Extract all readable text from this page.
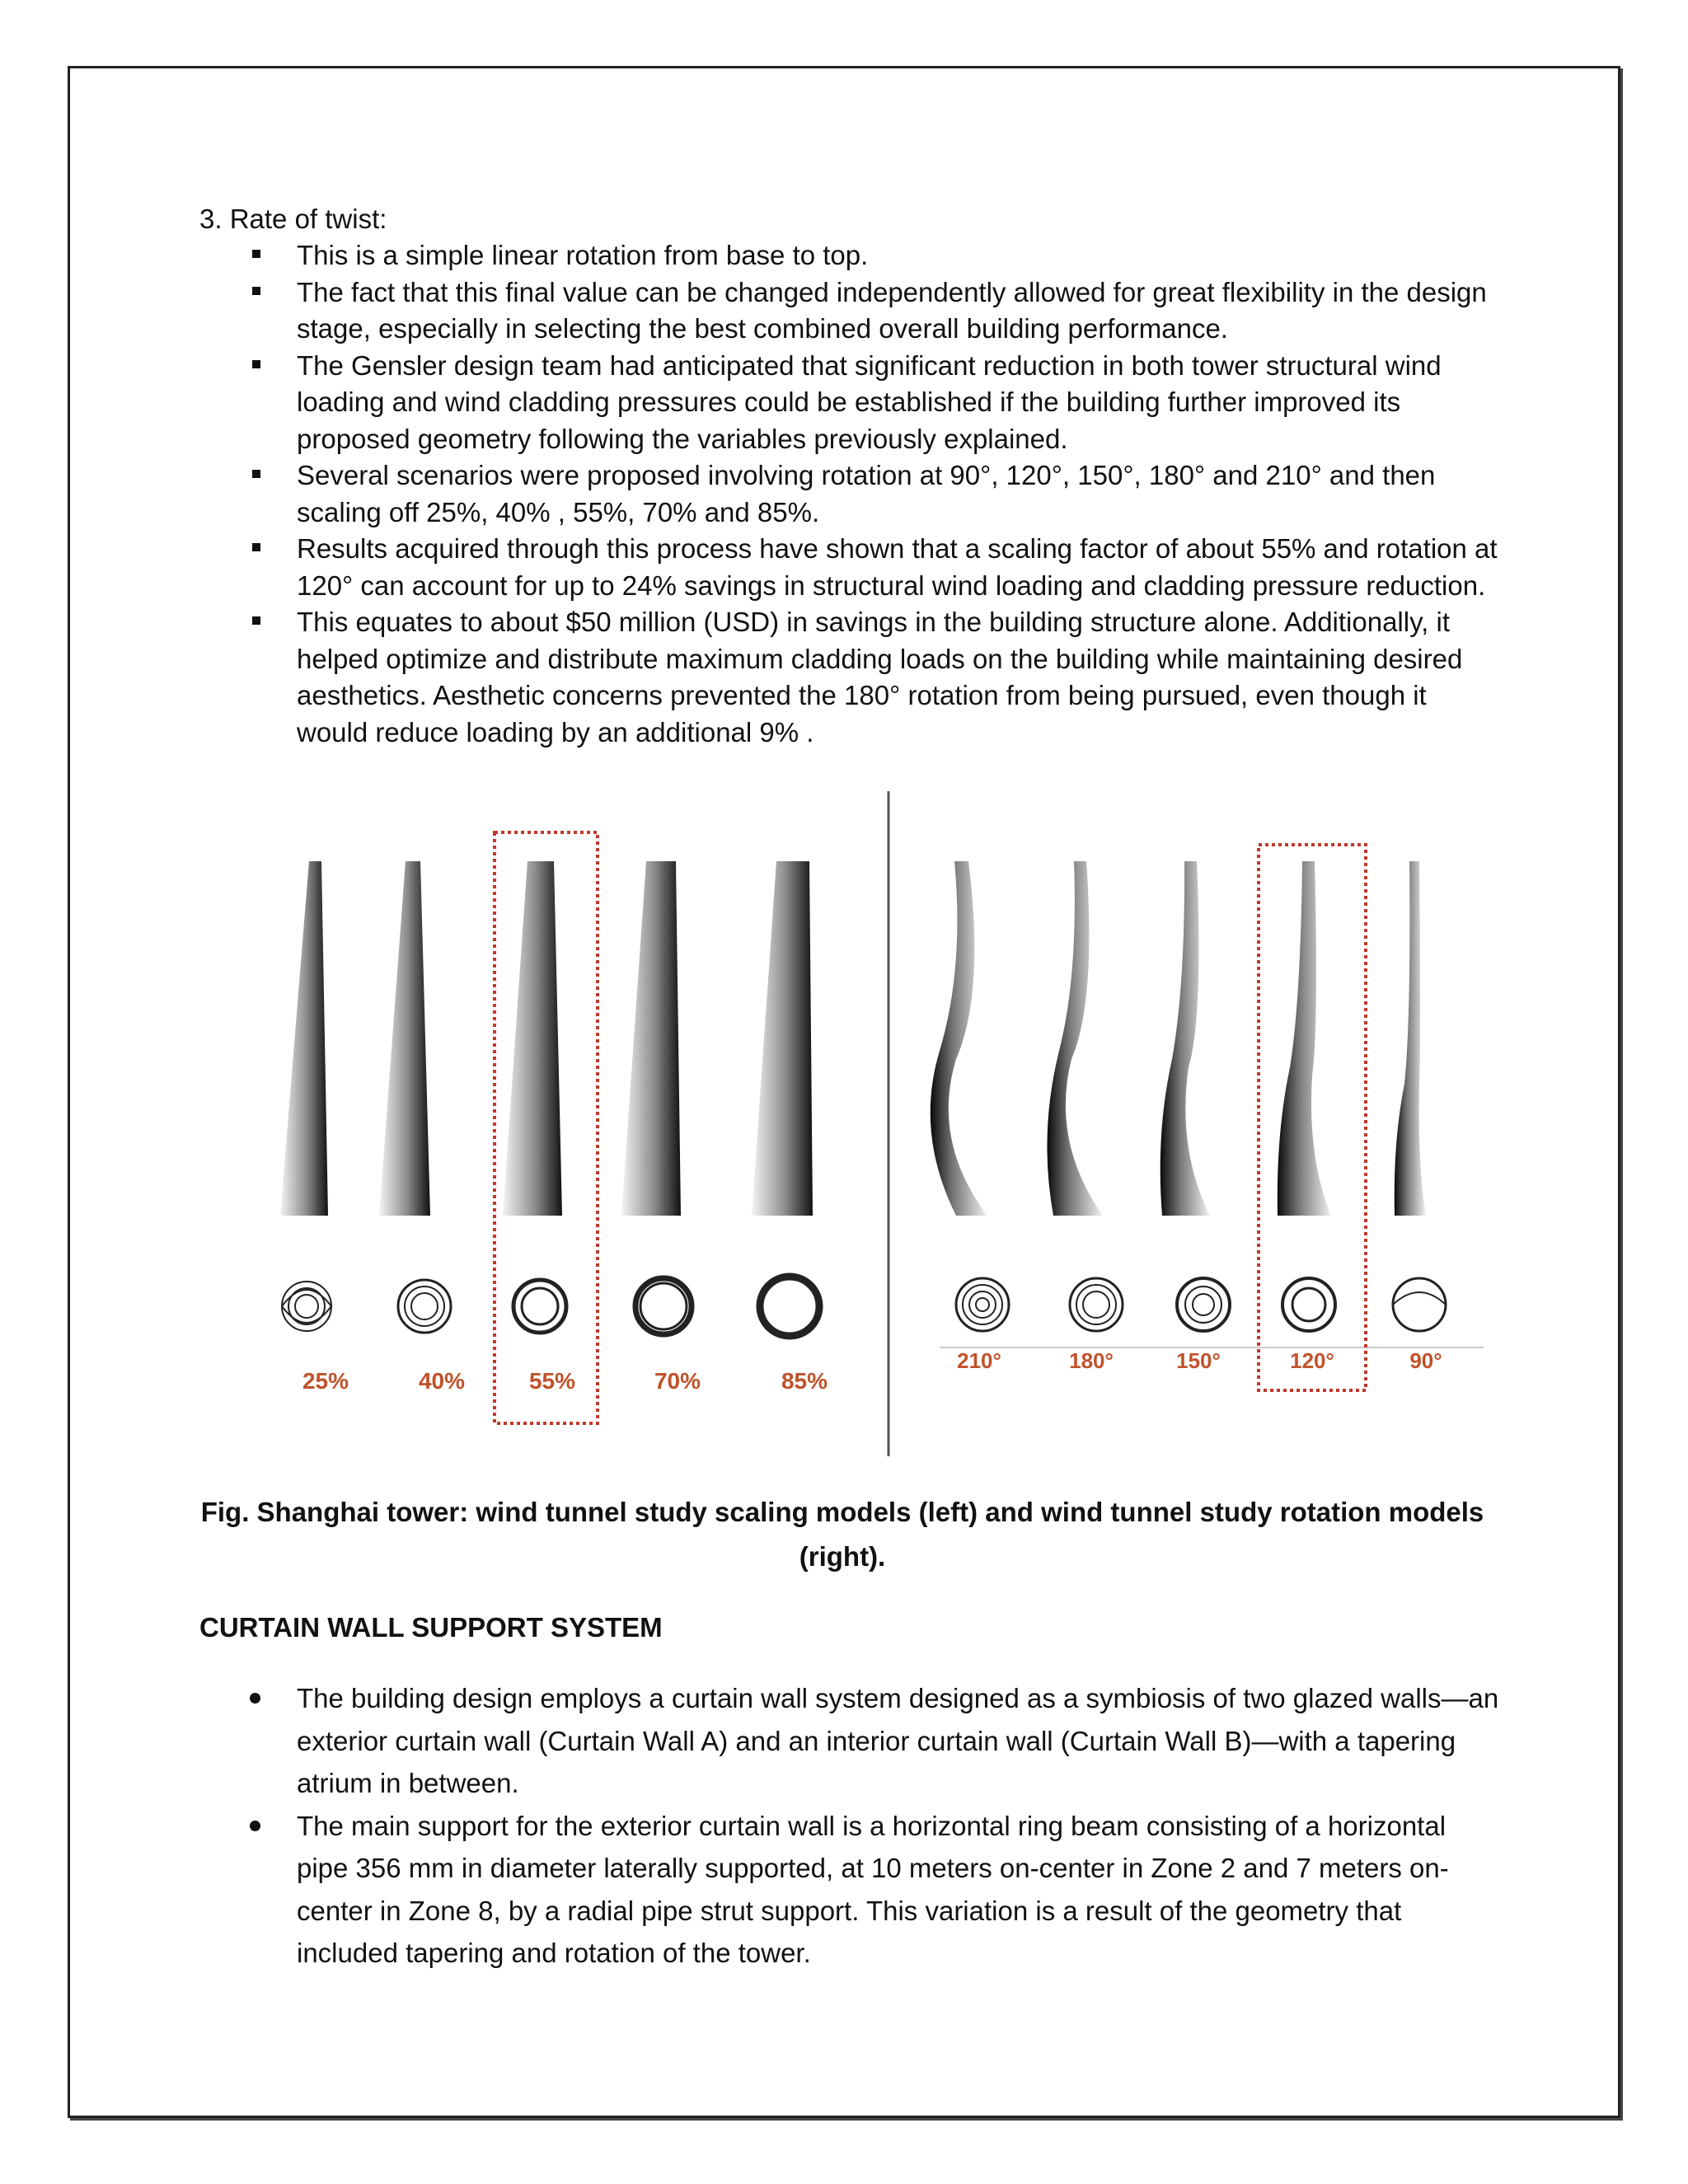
3. Rate of twist:
This is a simple linear rotation from base to top.
The fact that this final value can be changed independently allowed for great flexibility in the design stage, especially in selecting the best combined overall building performance.
The Gensler design team had anticipated that significant reduction in both tower structural wind loading and wind cladding pressures could be established if the building further improved its proposed geometry following the variables previously explained.
Several scenarios were proposed involving rotation at 90°, 120°, 150°, 180° and 210° and then scaling off 25%, 40% , 55%, 70% and 85%.
Results acquired through this process have shown that a scaling factor of about 55% and rotation at 120° can account for up to 24% savings in structural wind loading and cladding pressure reduction.
This equates to about $50 million (USD) in savings in the building structure alone. Additionally, it helped optimize and distribute maximum cladding loads on the building while maintaining desired aesthetics. Aesthetic concerns prevented the 180° rotation from being pursued, even though it would reduce loading by an additional 9% .
25%	40%	55%	70%	85%
210°	180°	150°	120°	90°
Fig. Shanghai tower: wind tunnel study scaling models (left) and wind tunnel study rotation models (right).
CURTAIN WALL SUPPORT SYSTEM
The building design employs a curtain wall system designed as a symbiosis of two glazed walls—an exterior curtain wall (Curtain Wall A) and an interior curtain wall (Curtain Wall B)—with a tapering atrium in between.
The main support for the exterior curtain wall is a horizontal ring beam consisting of a horizontal pipe 356 mm in diameter laterally supported, at 10 meters on-center in Zone 2 and 7 meters on-center in Zone 8, by a radial pipe strut support. This variation is a result of the geometry that included tapering and rotation of the tower.
